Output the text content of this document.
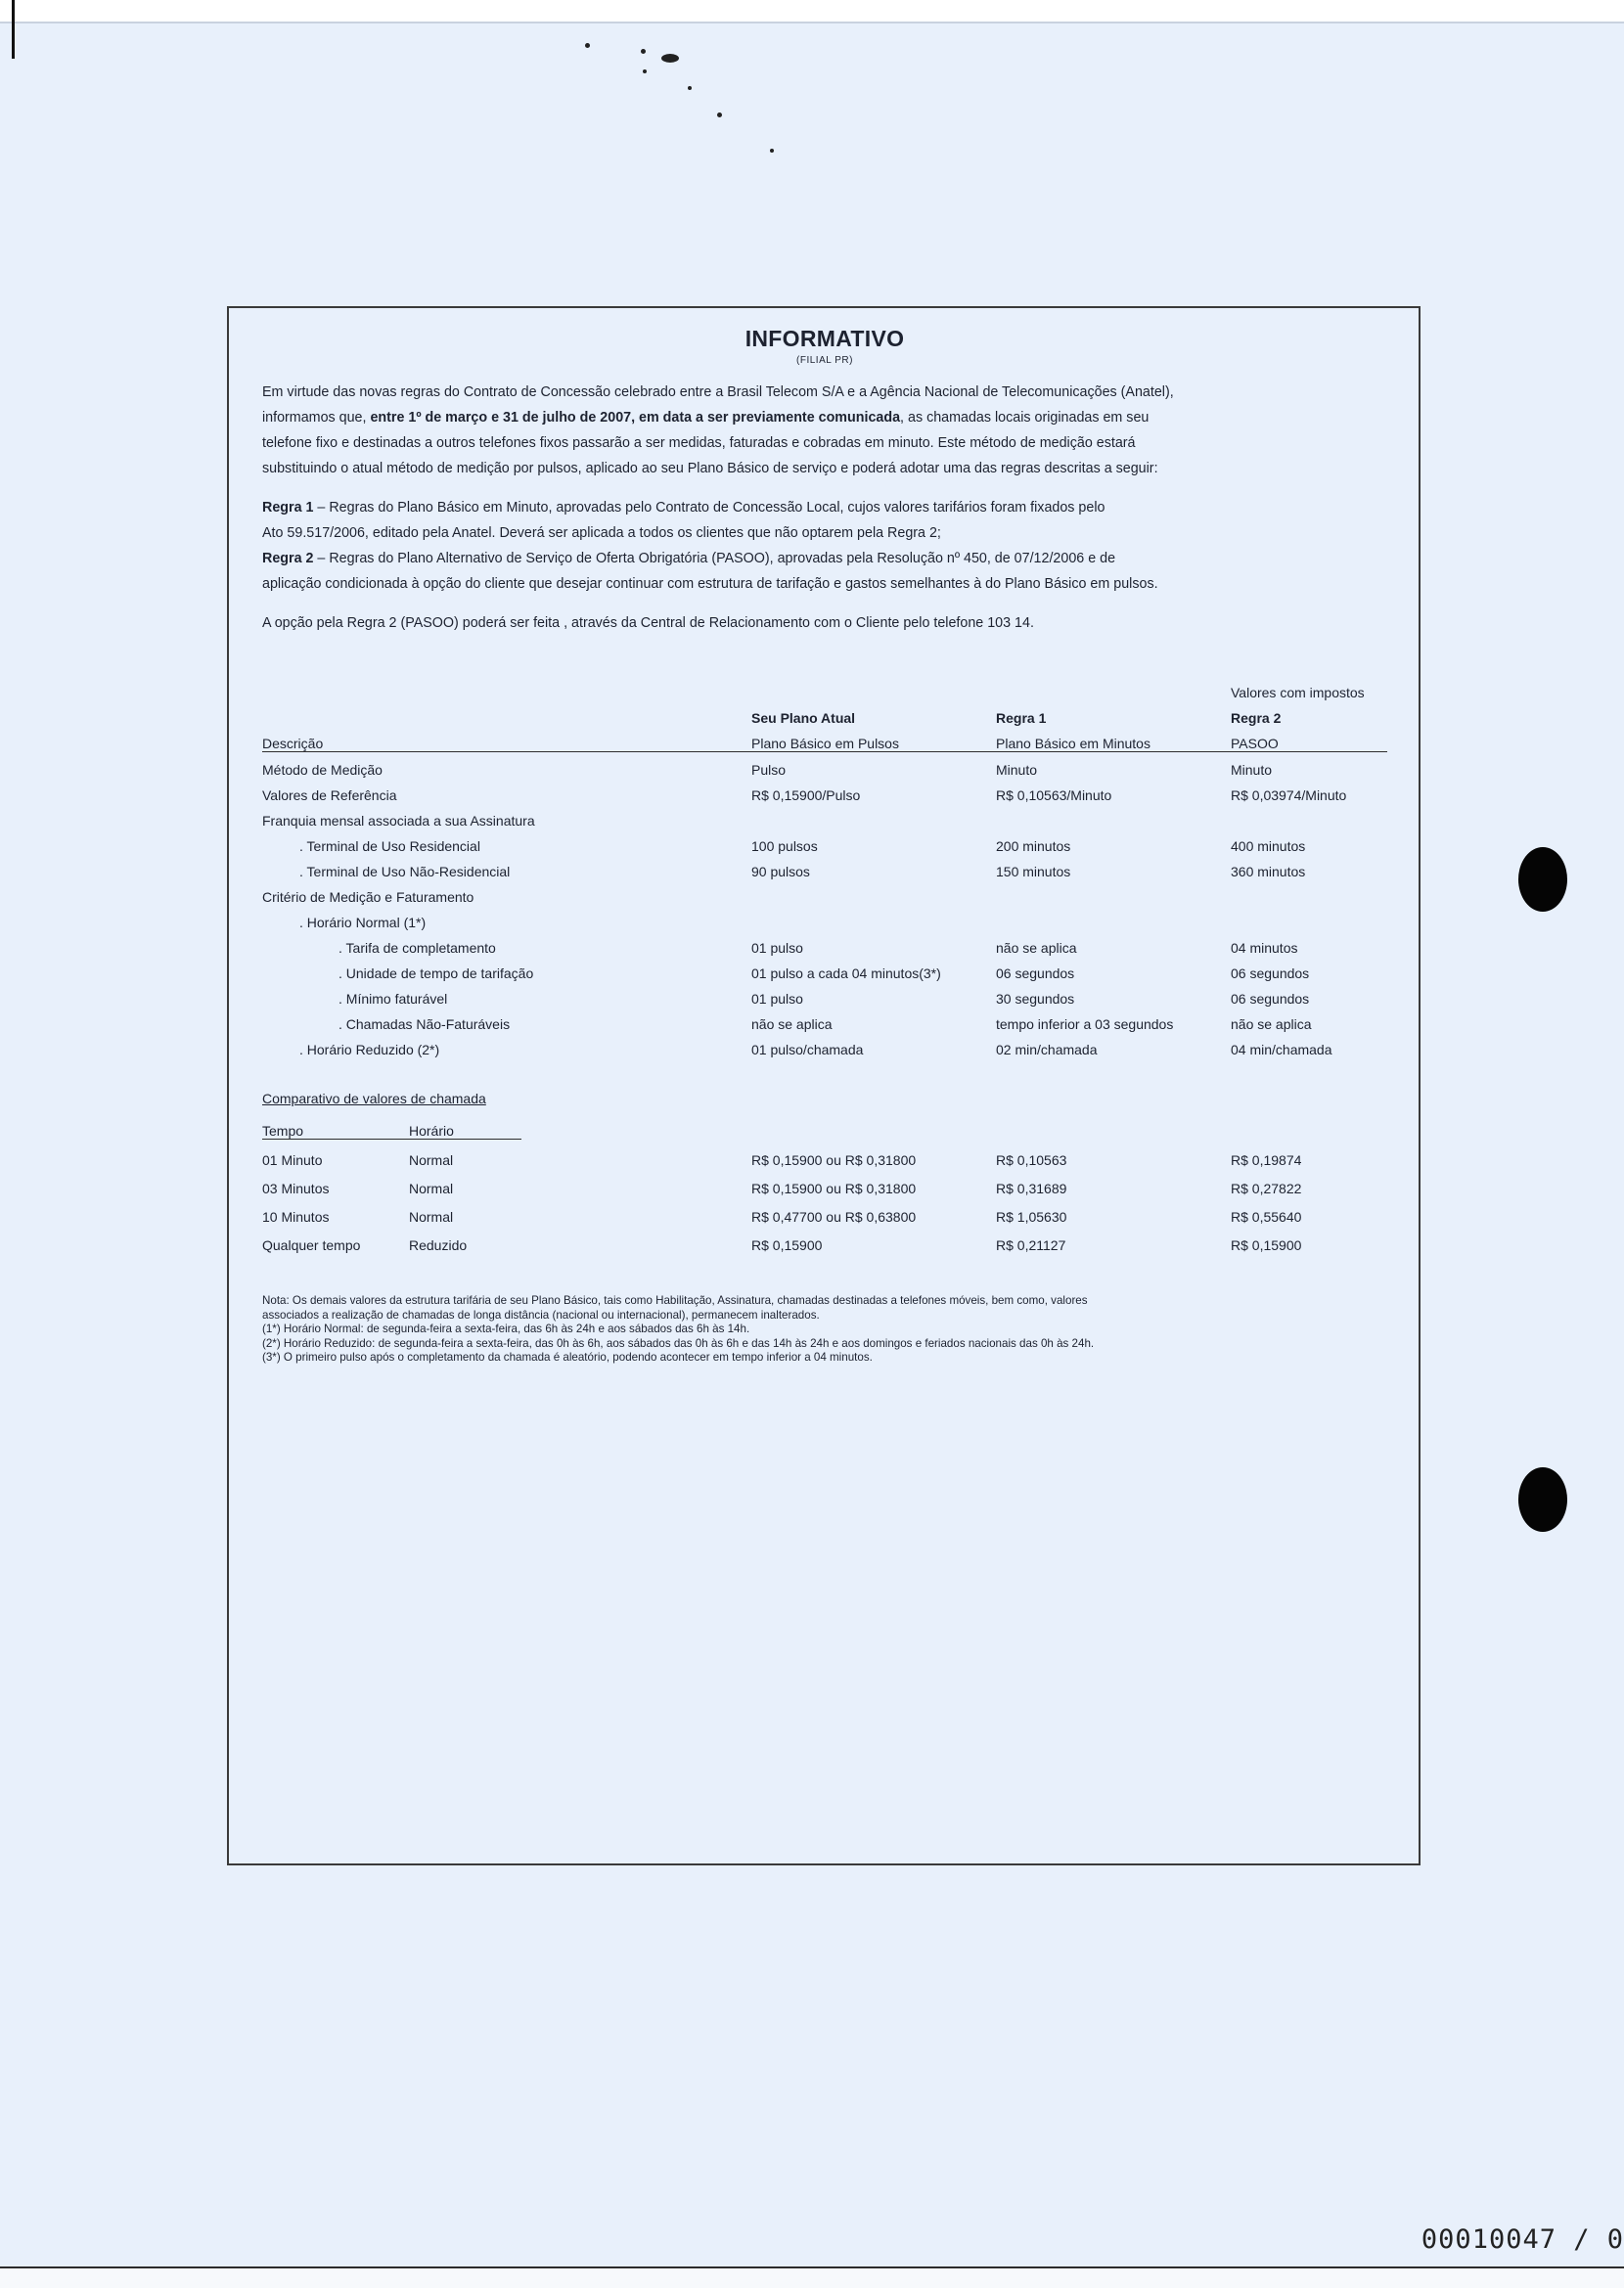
INFORMATIVO
(FILIAL PR)

Em virtude das novas regras do Contrato de Concessão celebrado entre a Brasil Telecom S/A e a Agência Nacional de Telecomunicações (Anatel),

informamos que, entre 1º de março e 31 de julho de 2007, em data a ser previamente comunicada, as chamadas locais originadas em seu

telefone fixo e destinadas a outros telefones fixos passarão a ser medidas, faturadas e cobradas em minuto. Este método de medição estará

substituindo o atual método de medição por pulsos, aplicado ao seu Plano Básico de serviço e poderá adotar uma das regras descritas a seguir:

Regra 1 – Regras do Plano Básico em Minuto, aprovadas pelo Contrato de Concessão Local, cujos valores tarifários foram fixados pelo

Ato 59.517/2006, editado pela Anatel. Deverá ser aplicada a todos os clientes que não optarem pela Regra 2;

Regra 2 – Regras do Plano Alternativo de Serviço de Oferta Obrigatória (PASOO), aprovadas pela Resolução nº 450, de 07/12/2006 e de

aplicação condicionada à opção do cliente que desejar continuar com estrutura de tarifação e gastos semelhantes à do Plano Básico em pulsos.

A opção pela Regra 2 (PASOO) poderá ser feita , através da Central de Relacionamento com o Cliente pelo telefone 103 14.

			Valores com impostos
	Seu Plano Atual	Regra 1	Regra 2
Descrição	Plano Básico em Pulsos	Plano Básico em Minutos	PASOO
Método de Medição	Pulso	Minuto	Minuto
Valores de Referência	R$ 0,15900/Pulso	R$ 0,10563/Minuto	R$ 0,03974/Minuto
Franquia mensal associada a sua Assinatura			
. Terminal de Uso Residencial	100 pulsos	200 minutos	400 minutos
. Terminal de Uso Não-Residencial	90 pulsos	150 minutos	360 minutos
Critério de Medição e Faturamento			
. Horário Normal (1*)			
. Tarifa de completamento	01 pulso	não se aplica	04 minutos
. Unidade de tempo de tarifação	01 pulso a cada 04 minutos(3*)	06 segundos	06 segundos
. Mínimo faturável	01 pulso	30 segundos	06 segundos
. Chamadas Não-Faturáveis	não se aplica	tempo inferior a 03 segundos	não se aplica
. Horário Reduzido (2*)	01 pulso/chamada	02 min/chamada	04 min/chamada
Comparativo de valores de chamada
Tempo	Horário			
01 Minuto	Normal	R$ 0,15900 ou R$ 0,31800	R$ 0,10563	R$ 0,19874
03 Minutos	Normal	R$ 0,15900 ou R$ 0,31800	R$ 0,31689	R$ 0,27822
10 Minutos	Normal	R$ 0,47700 ou R$ 0,63800	R$ 1,05630	R$ 0,55640
Qualquer tempo	Reduzido	R$ 0,15900	R$ 0,21127	R$ 0,15900
Nota: Os demais valores da estrutura tarifária de seu Plano Básico, tais como Habilitação, Assinatura, chamadas destinadas a telefones móveis, bem como, valores
associados a realização de chamadas de longa distância (nacional ou internacional), permanecem inalterados.
(1*) Horário Normal: de segunda-feira a sexta-feira, das 6h às 24h e aos sábados das 6h às 14h.
(2*) Horário Reduzido: de segunda-feira a sexta-feira, das 0h às 6h, aos sábados das 0h às 6h e das 14h às 24h e aos domingos e feriados nacionais das 0h às 24h.
(3*) O primeiro pulso após o completamento da chamada é aleatório, podendo acontecer em tempo inferior a 04 minutos.
00010047 / 0
